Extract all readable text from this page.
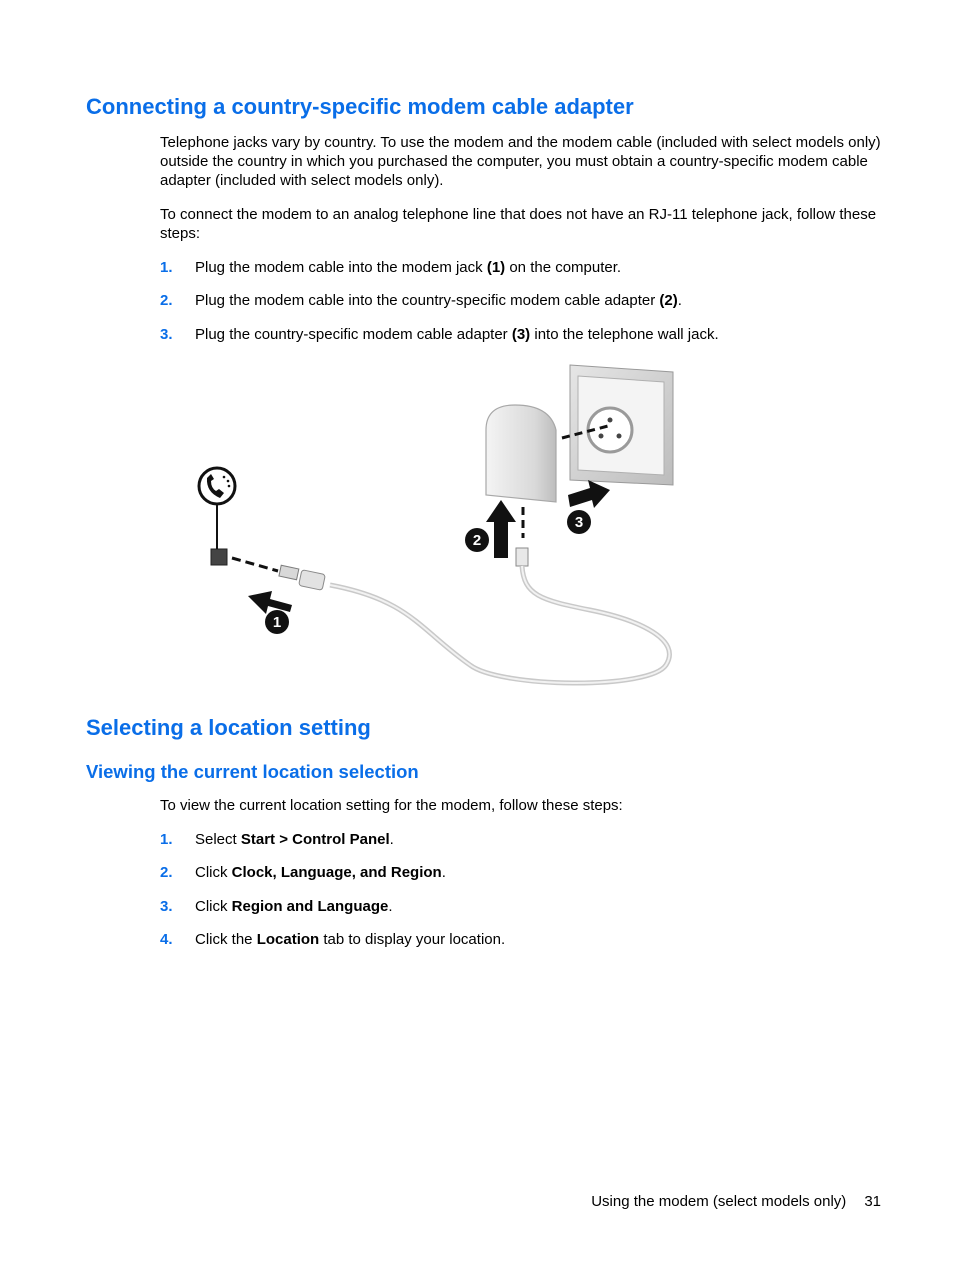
Connecting a country-specific modem cable adapter

Telephone jacks vary by country. To use the modem and the modem cable (included with select models only) outside the country in which you purchased the computer, you must obtain a country-specific modem cable adapter (included with select models only).

To connect the modem to an analog telephone line that does not have an RJ-11 telephone jack, follow these steps:

1. Plug the modem cable into the modem jack (1) on the computer.

2. Plug the modem cable into the country-specific modem cable adapter (2).

3. Plug the country-specific modem cable adapter (3) into the telephone wall jack.

1
2
3
Selecting a location setting
Viewing the current location selection

To view the current location setting for the modem, follow these steps:

1. Select Start > Control Panel.

2. Click Clock, Language, and Region.

3. Click Region and Language.

4. Click the Location tab to display your location.

Using the modem (select models only) 31
